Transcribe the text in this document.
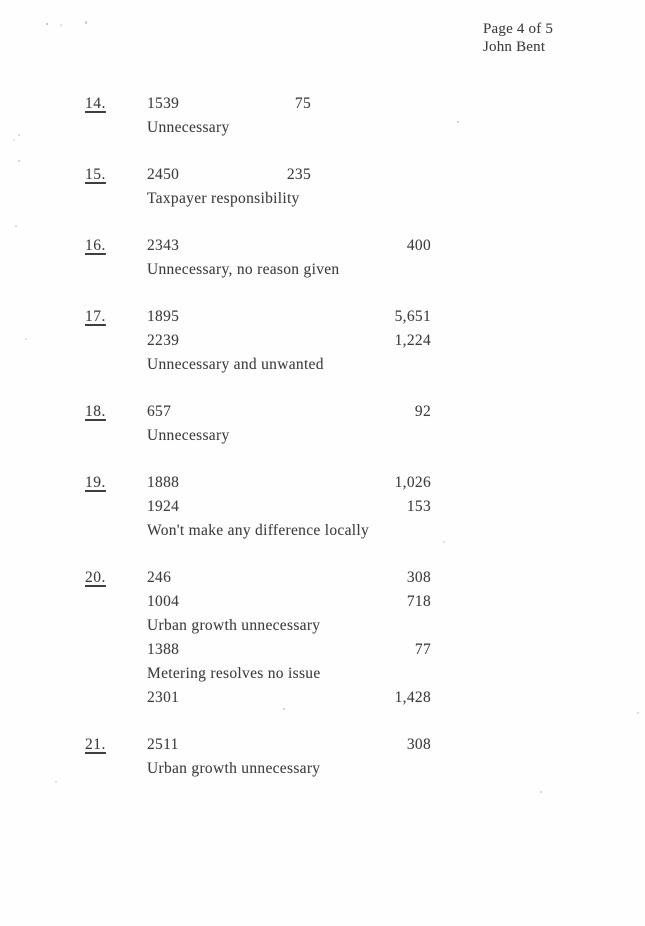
Page 4 of 5
John Bent
14.	1539	75
Unnecessary
15.	2450	235
Taxpayer responsibility
16.	2343	400
Unnecessary, no reason given
17.	1895	5,651
2239	1,224
Unnecessary and unwanted
18.	657	92
Unnecessary
19.	1888	1,026
1924	153
Won't make any difference locally
20.	246	308
1004	718
Urban growth unnecessary
1388	77
Metering resolves no issue
2301	1,428
21.	2511	308
Urban growth unnecessary
